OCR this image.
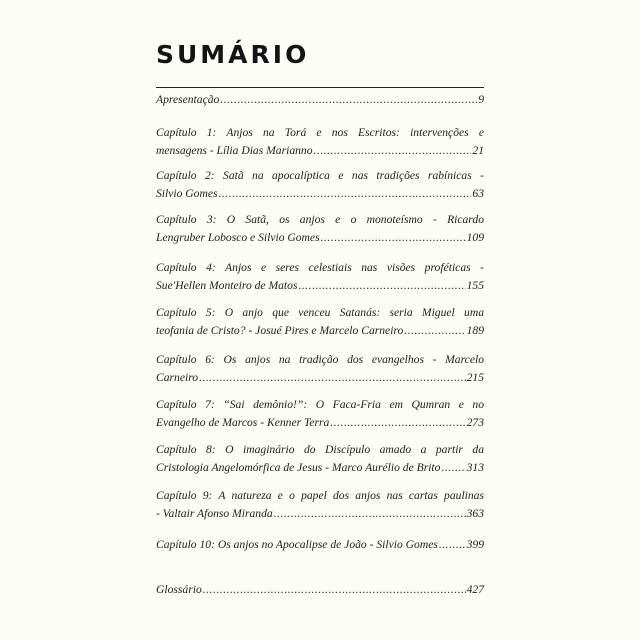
SUMÁRIO
Apresentação .....	9
Capítulo 1: Anjos na Torá e nos Escritos: intervenções e
mensagens - Lília Dias Marianno .....	21
Capítulo 2: Satã na apocalíptica e nas tradições rabínicas -
Silvio Gomes .....	63
Capítulo 3: O Satã, os anjos e o monoteísmo - Ricardo
Lengruber Lobosco e Silvio Gomes .....	109
Capítulo 4: Anjos e seres celestiais nas visões proféticas -
Sue'Hellen Monteiro de Matos .....	155
Capítulo 5: O anjo que venceu Satanás: seria Miguel uma
teofania de Cristo? - Josué Pires e Marcelo Carneiro .....	189
Capítulo 6: Os anjos na tradição dos evangelhos - Marcelo
Carneiro .....	215
Capítulo 7: “Sai demônio!”: O Faca-Fria em Qumran e no
Evangelho de Marcos - Kenner Terra .....	273
Capítulo 8: O imaginário do Discípulo amado a partir da
Cristologia Angelomórfica de Jesus - Marco Aurélio de Brito ..... 313
Capítulo 9: A natureza e o papel dos anjos nas cartas paulinas
- Valtair Afonso Miranda .....	363
Capítulo 10: Os anjos no Apocalipse de João - Silvio Gomes ..... 399
Glossário .....	427
